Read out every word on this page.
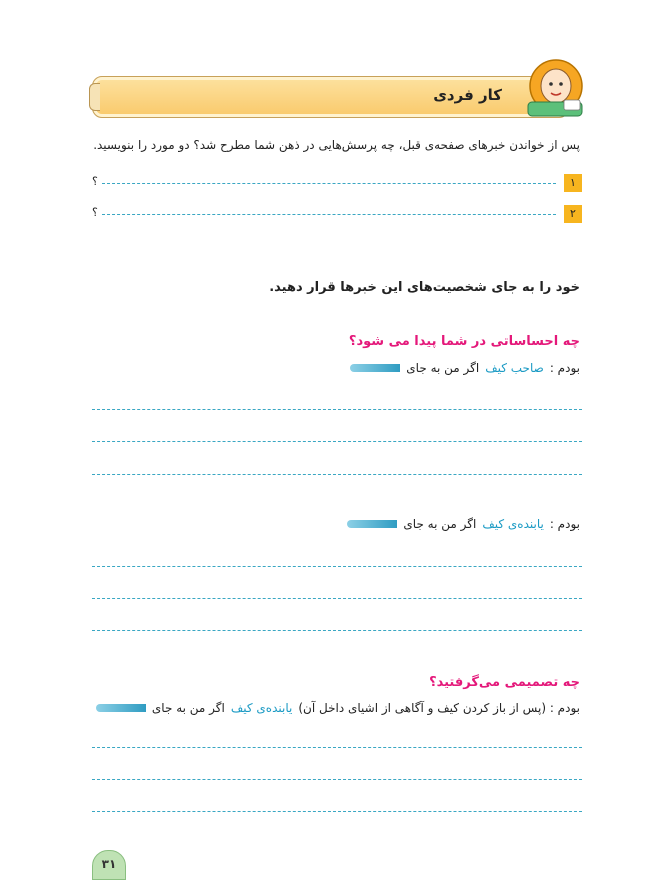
کار فردی
پس از خواندن خبرهای صفحه‌ی قبل، چه پرسش‌هایی در ذهن شما مطرح شد؟ دو مورد را بنویسید.
۱
؟
۲
؟
خود را به جای شخصیت‌های این خبرها قرار دهید.
چه احساساتی در شما پیدا می شود؟
اگر من به جای صاحب کیف بودم :
اگر من به جای یابنده‌ی کیف بودم :
چه تصمیمی می‌گرفتید؟
اگر من به جای یابنده‌ی کیف بودم : (پس از باز کردن کیف و آگاهی از اشیای داخل آن)
۳۱
